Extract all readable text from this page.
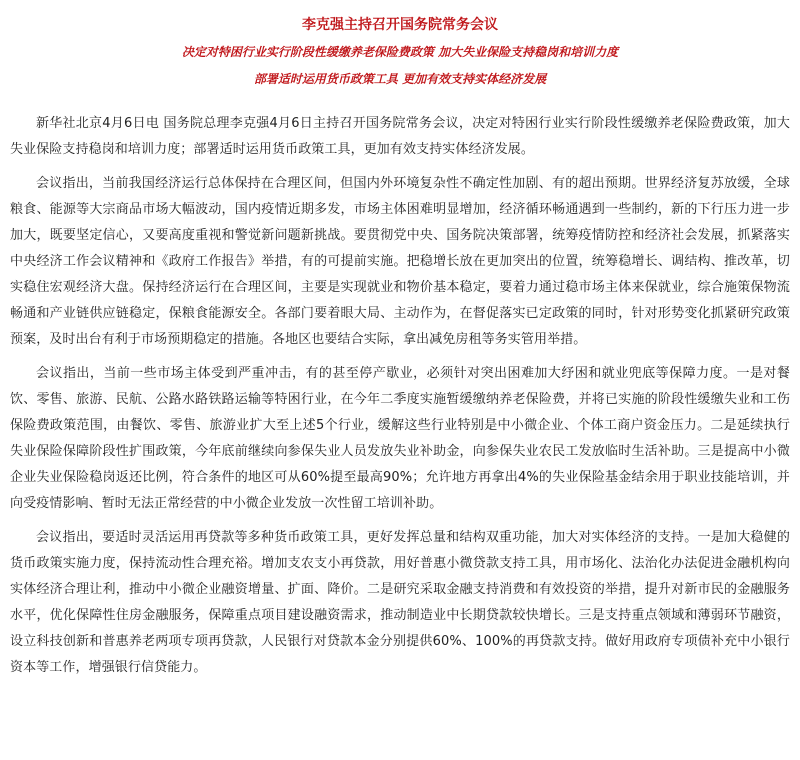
李克强主持召开国务院常务会议
决定对特困行业实行阶段性缓缴养老保险费政策 加大失业保险支持稳岗和培训力度
部署适时运用货币政策工具 更加有效支持实体经济发展

新华社北京4月6日电 国务院总理李克强4月6日主持召开国务院常务会议，决定对特困行业实行阶段性缓缴养老保险费政策，加大失业保险支持稳岗和培训力度；部署适时运用货币政策工具，更加有效支持实体经济发展。

会议指出，当前我国经济运行总体保持在合理区间，但国内外环境复杂性不确定性加剧、有的超出预期。世界经济复苏放缓，全球粮食、能源等大宗商品市场大幅波动，国内疫情近期多发，市场主体困难明显增加，经济循环畅通遇到一些制约，新的下行压力进一步加大，既要坚定信心，又要高度重视和警觉新问题新挑战。要贯彻党中央、国务院决策部署，统筹疫情防控和经济社会发展，抓紧落实中央经济工作会议精神和《政府工作报告》举措，有的可提前实施。把稳增长放在更加突出的位置，统筹稳增长、调结构、推改革，切实稳住宏观经济大盘。保持经济运行在合理区间，主要是实现就业和物价基本稳定，要着力通过稳市场主体来保就业，综合施策保物流畅通和产业链供应链稳定，保粮食能源安全。各部门要着眼大局、主动作为，在督促落实已定政策的同时，针对形势变化抓紧研究政策预案，及时出台有利于市场预期稳定的措施。各地区也要结合实际，拿出减免房租等务实管用举措。

会议指出，当前一些市场主体受到严重冲击，有的甚至停产歇业，必须针对突出困难加大纾困和就业兜底等保障力度。一是对餐饮、零售、旅游、民航、公路水路铁路运输等特困行业，在今年二季度实施暂缓缴纳养老保险费，并将已实施的阶段性缓缴失业和工伤保险费政策范围，由餐饮、零售、旅游业扩大至上述5个行业，缓解这些行业特别是中小微企业、个体工商户资金压力。二是延续执行失业保险保障阶段性扩围政策，今年底前继续向参保失业人员发放失业补助金，向参保失业农民工发放临时生活补助。三是提高中小微企业失业保险稳岗返还比例，符合条件的地区可从60%提至最高90%；允许地方再拿出4%的失业保险基金结余用于职业技能培训，并向受疫情影响、暂时无法正常经营的中小微企业发放一次性留工培训补助。

会议指出，要适时灵活运用再贷款等多种货币政策工具，更好发挥总量和结构双重功能，加大对实体经济的支持。一是加大稳健的货币政策实施力度，保持流动性合理充裕。增加支农支小再贷款，用好普惠小微贷款支持工具，用市场化、法治化办法促进金融机构向实体经济合理让利，推动中小微企业融资增量、扩面、降价。二是研究采取金融支持消费和有效投资的举措，提升对新市民的金融服务水平，优化保障性住房金融服务，保障重点项目建设融资需求，推动制造业中长期贷款较快增长。三是支持重点领域和薄弱环节融资，设立科技创新和普惠养老两项专项再贷款，人民银行对贷款本金分别提供60%、100%的再贷款支持。做好用政府专项债补充中小银行资本等工作，增强银行信贷能力。
